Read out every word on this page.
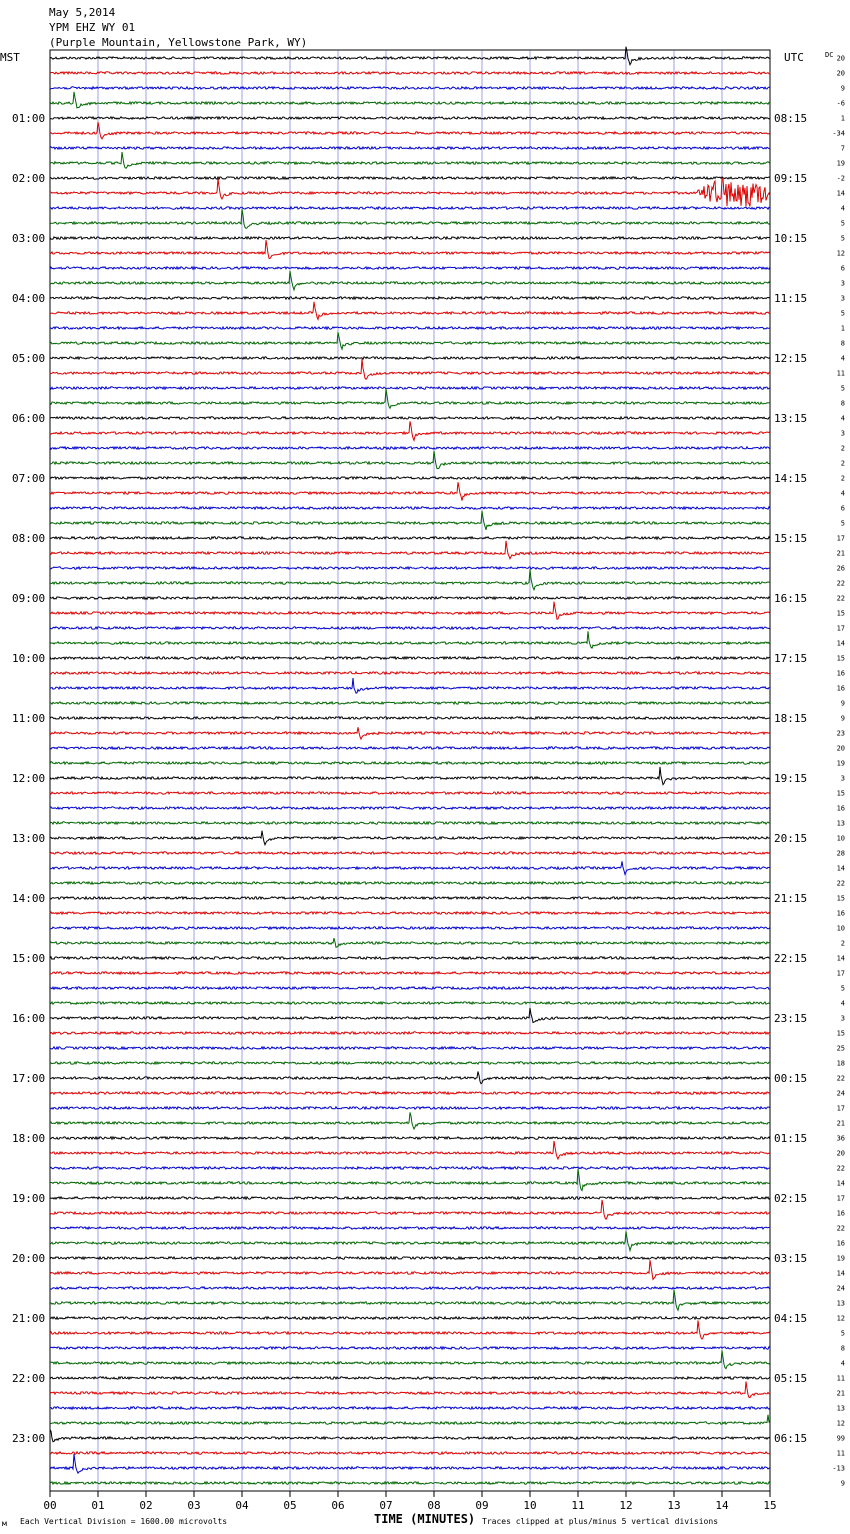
May 5,2014
YPM EHZ WY 01
(Purple Mountain, Yellowstone Park, WY)
00	01	02	03	04	05	06	07	08	09	10	11	12	13	14	15
01:00
02:00
03:00
04:00
05:00
06:00
07:00
08:00
09:00
10:00
11:00
12:00
13:00
14:00
15:00
16:00
17:00
18:00
19:00
20:00
21:00
22:00
23:00
08:15
09:15
10:15
11:15
12:15
13:15
14:15
15:15
16:15
17:15
18:15
19:15
20:15
21:15
22:15
23:15
00:15
01:15
02:15
03:15
04:15
05:15
06:15
20
20
9
-6
1
-34
7
19
-2
14
4
5
5
12
6
3
3
5
1
8
4
11
5
8
4
3
2
2
2
4
6
5
17
21
26
22
22
15
17
14
15
16
16
9
9
23
20
19
3
15
16
13
10
28
14
22
15
16
10
2
14
17
5
4
3
15
25
18
22
24
17
21
36
20
22
14
17
16
22
16
19
14
24
13
12
5
8
4
11
21
13
12
99
11
-13
9
MST	UTC	DC
TIME (MINUTES)
Each Vertical Division = 1600.00 microvolts	Traces clipped at plus/minus 5 vertical divisions
м
